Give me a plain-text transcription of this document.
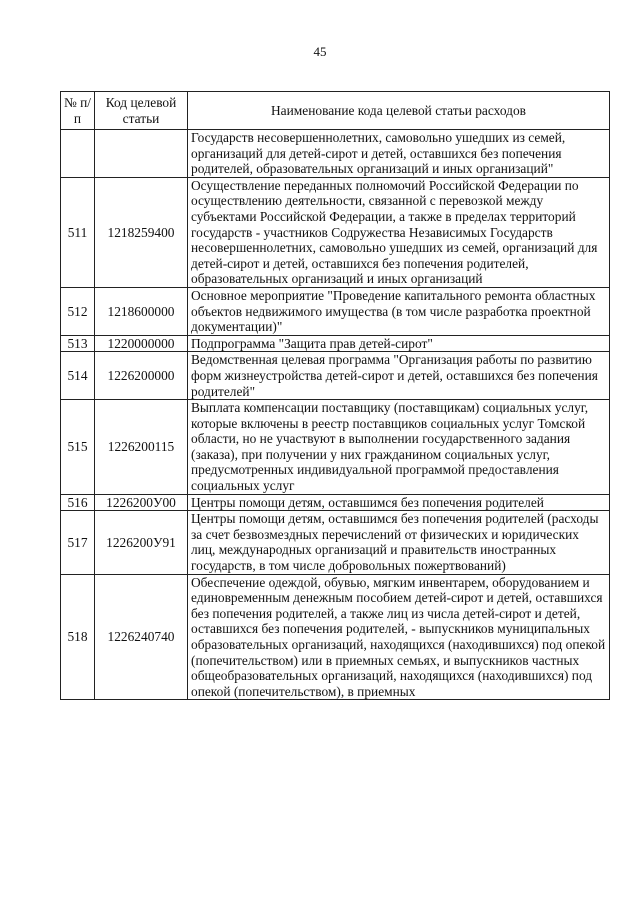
45
№ п/п	Код целевой статьи	Наименование кода целевой статьи расходов
		Государств несовершеннолетних, самовольно ушедших из семей, организаций для детей-сирот и детей, оставшихся без попечения родителей, образовательных организаций и иных организаций"
511	1218259400	Осуществление переданных полномочий Российской Федерации по осуществлению деятельности, связанной с перевозкой между субъектами Российской Федерации, а также в пределах территорий государств - участников Содружества Независимых Государств несовершеннолетних, самовольно ушедших из семей, организаций для детей-сирот и детей, оставшихся без попечения родителей, образовательных организаций и иных организаций
512	1218600000	Основное мероприятие "Проведение капитального ремонта областных объектов недвижимого имущества (в том числе разработка проектной документации)"
513	1220000000	Подпрограмма "Защита прав детей-сирот"
514	1226200000	Ведомственная целевая программа "Организация работы по развитию форм жизнеустройства детей-сирот и детей, оставшихся без попечения родителей"
515	1226200115	Выплата компенсации поставщику (поставщикам) социальных услуг, которые включены в реестр поставщиков социальных услуг Томской области, но не участвуют в выполнении государственного задания (заказа), при получении у них гражданином социальных услуг, предусмотренных индивидуальной программой предоставления социальных услуг
516	1226200У00	Центры помощи детям, оставшимся без попечения родителей
517	1226200У91	Центры помощи детям, оставшимся без попечения родителей (расходы за счет безвозмездных перечислений от физических и юридических лиц, международных организаций и правительств иностранных государств, в том числе добровольных пожертвований)
518	1226240740	Обеспечение одеждой, обувью, мягким инвентарем, оборудованием и единовременным денежным пособием детей-сирот и детей, оставшихся без попечения родителей, а также лиц из числа детей-сирот и детей, оставшихся без попечения родителей, - выпускников муниципальных образовательных организаций, находящихся (находившихся) под опекой (попечительством) или в приемных семьях, и выпускников частных общеобразовательных организаций, находящихся (находившихся) под опекой (попечительством), в приемных
